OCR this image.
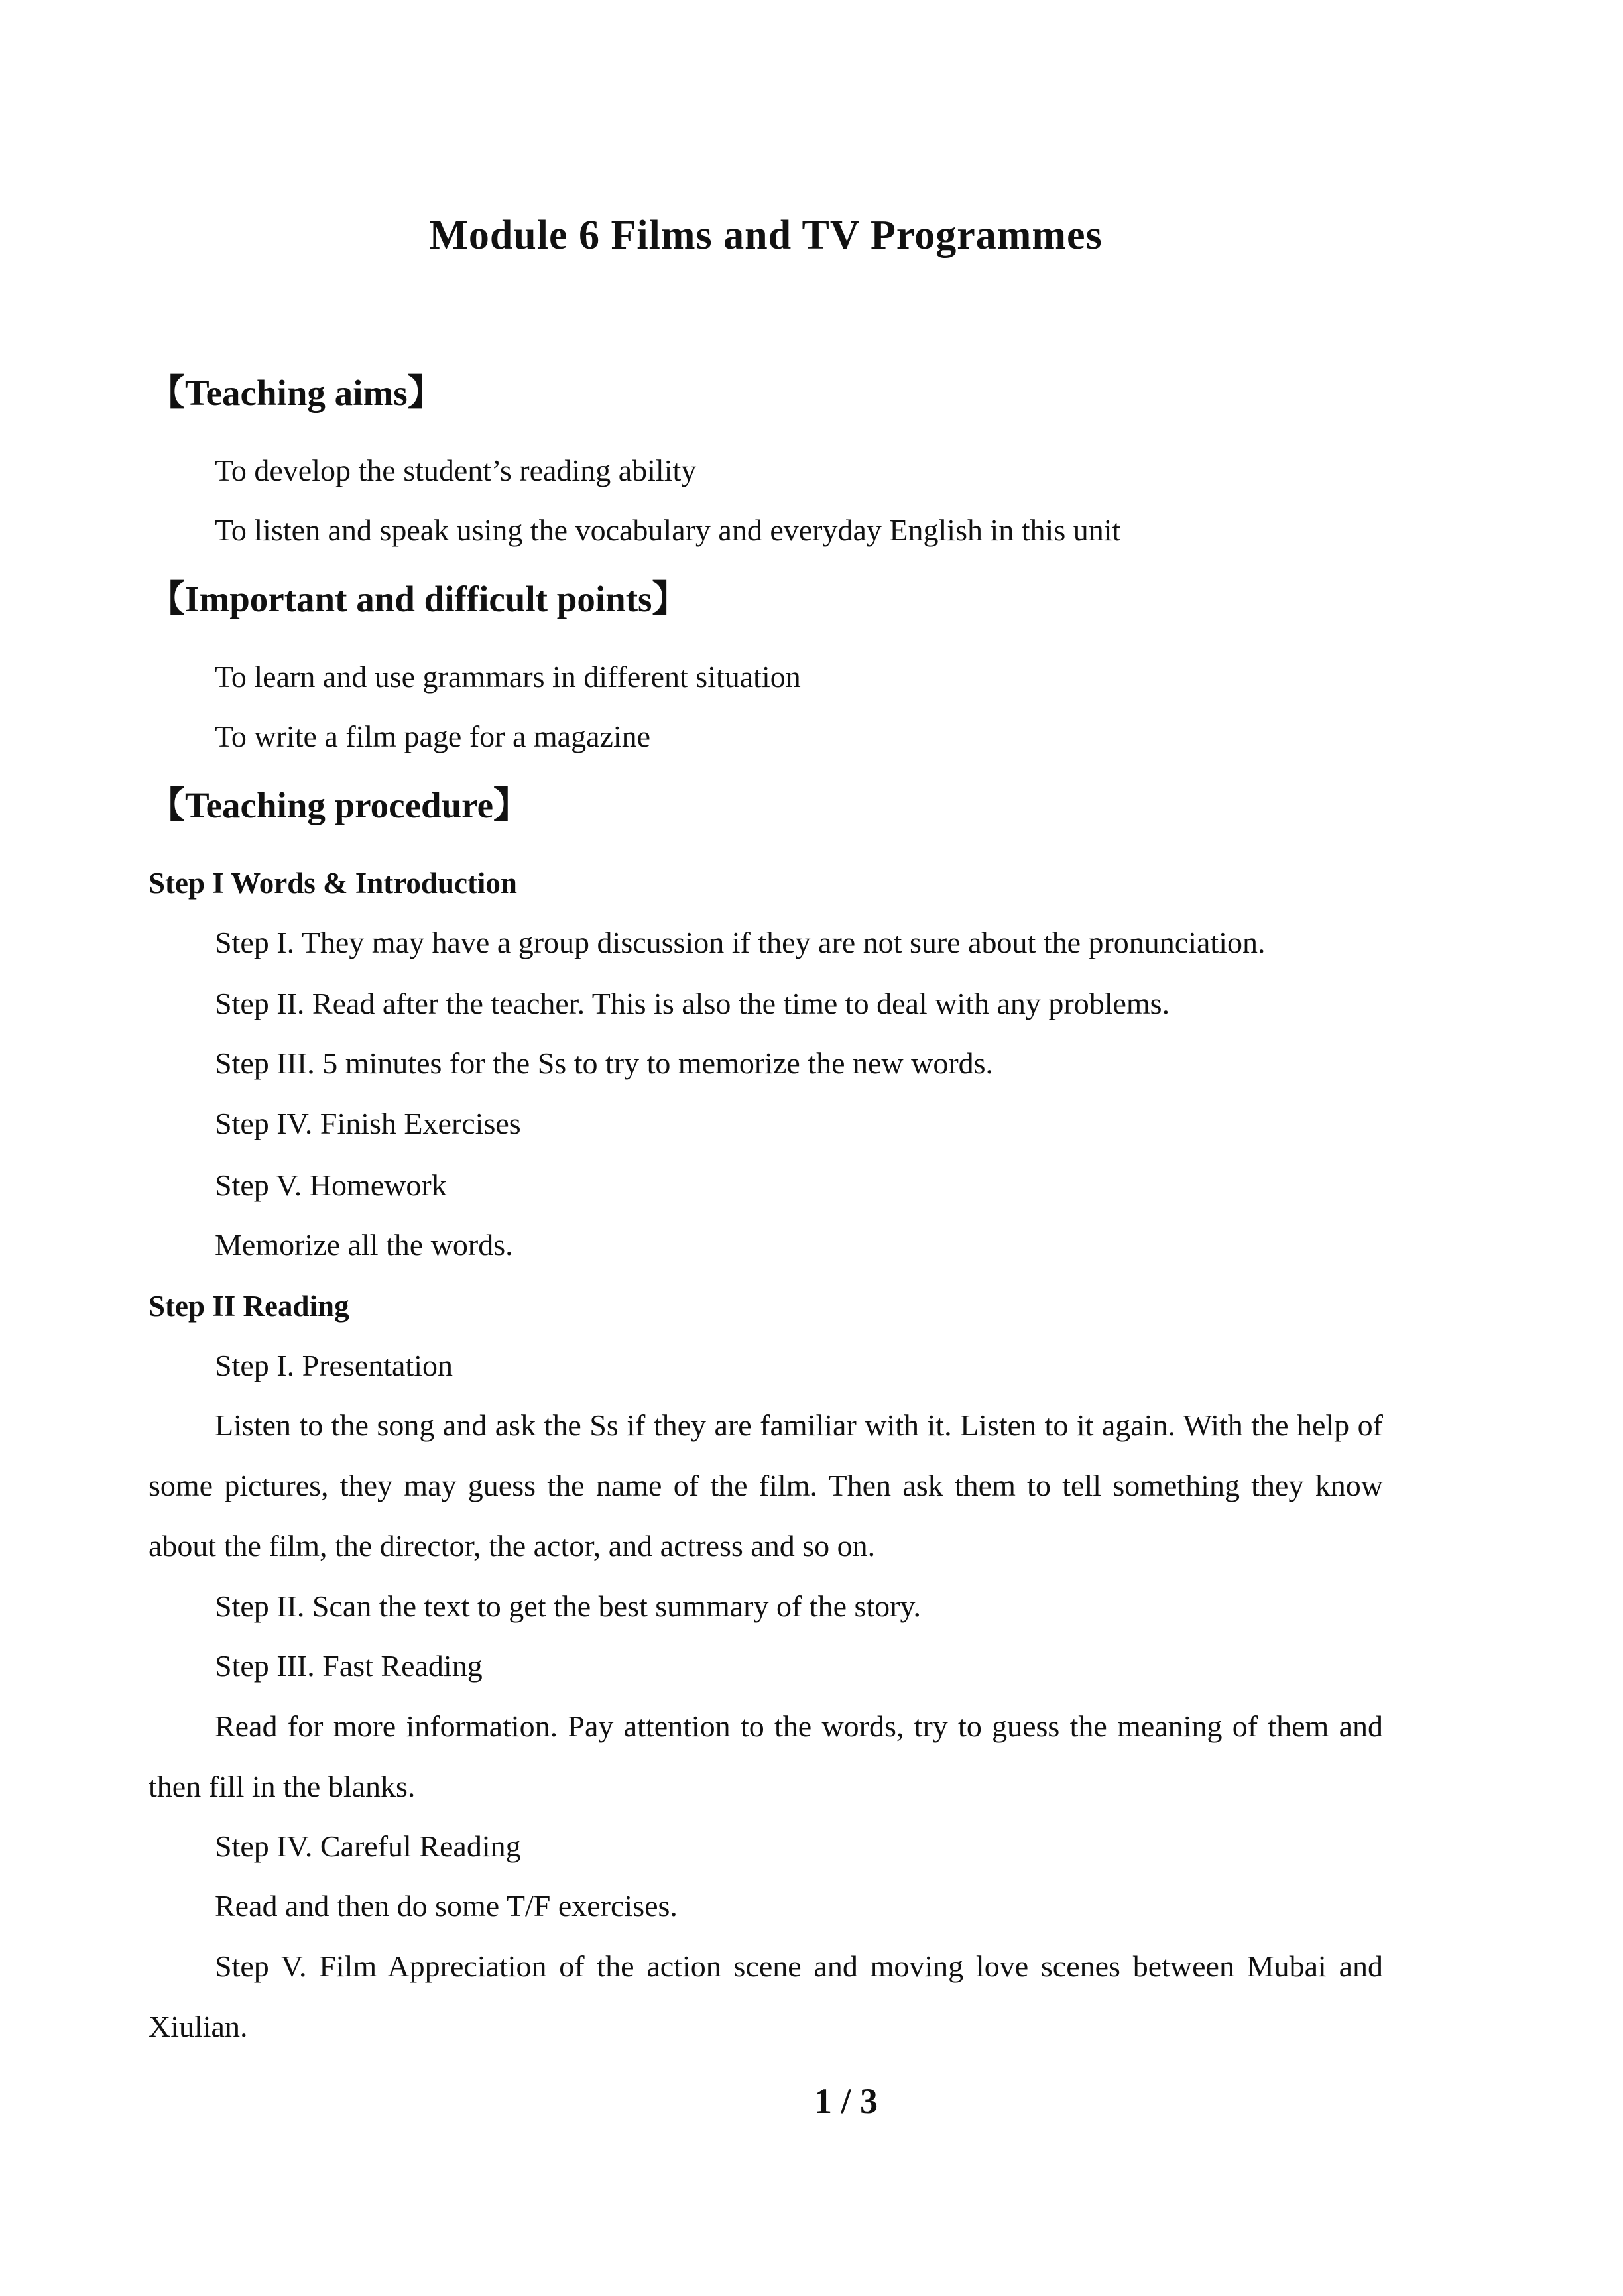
Module 6 Films and TV Programmes
【Teaching aims】
To develop the student’s reading ability
To listen and speak using the vocabulary and everyday English in this unit
【Important and difficult points】
To learn and use grammars in different situation
To write a film page for a magazine
【Teaching procedure】
Step I Words & Introduction
Step I. They may have a group discussion if they are not sure about the pronunciation.
Step II. Read after the teacher. This is also the time to deal with any problems.
Step III. 5 minutes for the Ss to try to memorize the new words.
Step IV. Finish Exercises
Step V. Homework
Memorize all the words.
Step II Reading
Step I. Presentation
Listen to the song and ask the Ss if they are familiar with it. Listen to it again. With the help of some pictures, they may guess the name of the film. Then ask them to tell something they know about the film, the director, the actor, and actress and so on.
Step II. Scan the text to get the best summary of the story.
Step III. Fast Reading
Read for more information. Pay attention to the words, try to guess the meaning of them and then fill in the blanks.
Step IV. Careful Reading
Read and then do some T/F exercises.
Step V. Film Appreciation of the action scene and moving love scenes between Mubai and Xiulian.
1 / 3
